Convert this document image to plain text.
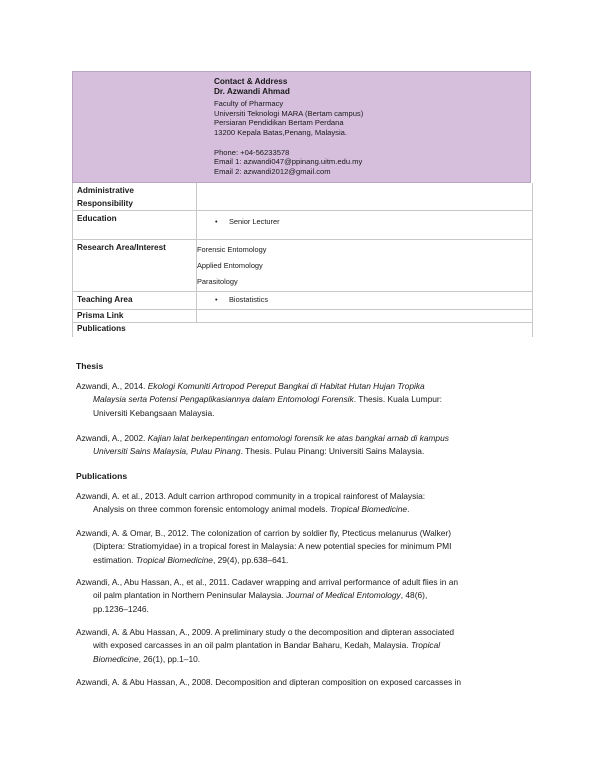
Contact & Address
Dr. Azwandi Ahmad
Faculty of Pharmacy
Universiti Teknologi MARA (Bertam campus)
Persiaran Pendidikan Bertam Perdana
13200 Kepala Batas,Penang, Malaysia.
Phone: +04-56233578
Email 1: azwandi047@ppinang.uitm.edu.my
Email 2: azwandi2012@gmail.com
Administrative
Responsibility
Education	• Senior Lecturer
Research Area/Interest	Forensic Entomology
Applied Entomology
Parasitology
Teaching Area	• Biostatistics
Prisma Link
Publications
Thesis
Azwandi, A., 2014. Ekologi Komuniti Artropod Pereput Bangkai di Habitat Hutan Hujan Tropika
Malaysia serta Potensi Pengaplikasiannya dalam Entomologi Forensik. Thesis. Kuala Lumpur:
Universiti Kebangsaan Malaysia.
Azwandi, A., 2002. Kajian lalat berkepentingan entomologi forensik ke atas bangkai arnab di kampus
Universiti Sains Malaysia, Pulau Pinang. Thesis. Pulau Pinang: Universiti Sains Malaysia.
Publications
Azwandi, A. et al., 2013. Adult carrion arthropod community in a tropical rainforest of Malaysia:
Analysis on three common forensic entomology animal models. Tropical Biomedicine.
Azwandi, A. & Omar, B., 2012. The colonization of carrion by soldier fly, Ptecticus melanurus (Walker)
(Diptera: Stratiomyidae) in a tropical forest in Malaysia: A new potential species for minimum PMI
estimation. Tropical Biomedicine, 29(4), pp.638–641.
Azwandi, A., Abu Hassan, A., et al., 2011. Cadaver wrapping and arrival performance of adult flies in an
oil palm plantation in Northern Peninsular Malaysia. Journal of Medical Entomology, 48(6),
pp.1236–1246.
Azwandi, A. & Abu Hassan, A., 2009. A preliminary study o the decomposition and dipteran associated
with exposed carcasses in an oil palm plantation in Bandar Baharu, Kedah, Malaysia. Tropical
Biomedicine, 26(1), pp.1–10.
Azwandi, A. & Abu Hassan, A., 2008. Decomposition and dipteran composition on exposed carcasses in
